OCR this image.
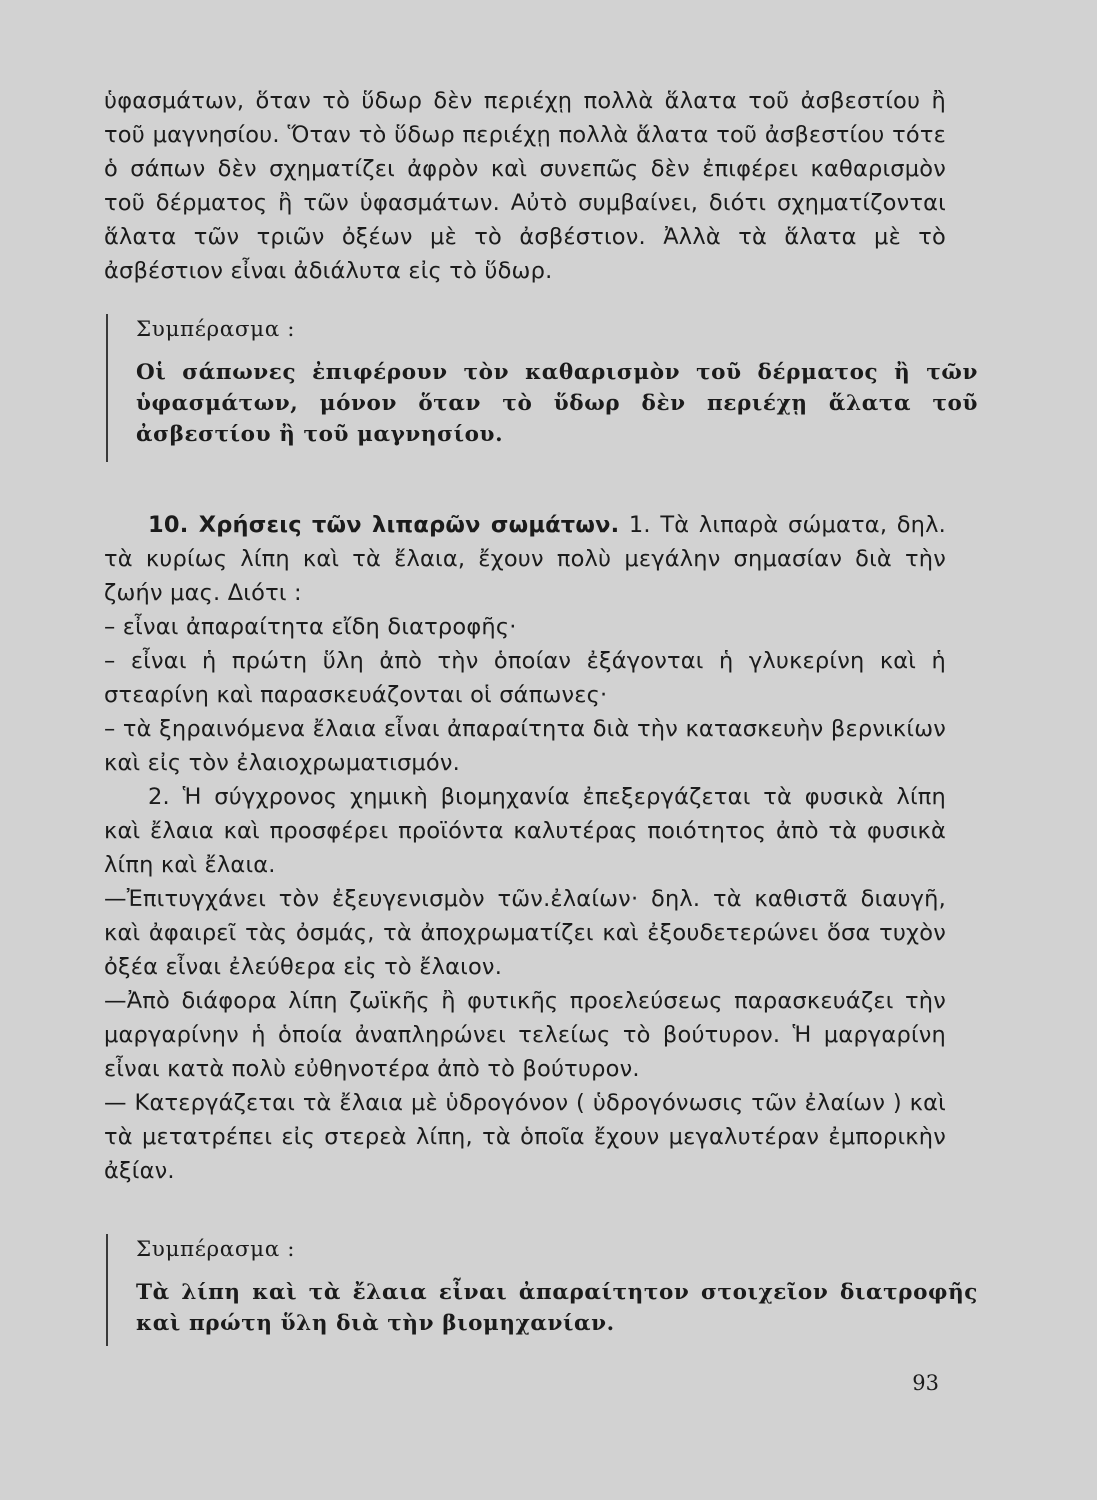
ὑφασμάτων, ὅταν τὸ ὕδωρ δὲν περιέχῃ πολλὰ ἅλατα τοῦ ἀσβεστίου ἢ τοῦ μαγνησίου. Ὅταν τὸ ὕδωρ περιέχῃ πολλὰ ἅλατα τοῦ ἀσβεστίου τότε ὁ σάπων δὲν σχηματίζει ἀφρὸν καὶ συνεπῶς δὲν ἐπιφέρει καθαρισμὸν τοῦ δέρματος ἢ τῶν ὑφασμάτων. Αὐτὸ συμβαίνει, διότι σχηματίζονται ἅλατα τῶν τριῶν ὀξέων μὲ τὸ ἀσβέστιον. Ἀλλὰ τὰ ἅλατα μὲ τὸ ἀσβέστιον εἶναι ἀδιάλυτα εἰς τὸ ὕδωρ.

Συμπέρασμα :

Οἱ σάπωνες ἐπιφέρουν τὸν καθαρισμὸν τοῦ δέρματος ἢ τῶν ὑφασμάτων, μόνον ὅταν τὸ ὕδωρ δὲν περιέχῃ ἅλατα τοῦ ἀσβεστίου ἢ τοῦ μαγνησίου.

10. Χρήσεις τῶν λιπαρῶν σωμάτων. 1. Τὰ λιπαρὰ σώματα, δηλ. τὰ κυρίως λίπη καὶ τὰ ἔλαια, ἔχουν πολὺ μεγάλην σημασίαν διὰ τὴν ζωήν μας. Διότι :

– εἶναι ἀπαραίτητα εἴδη διατροφῆς·

– εἶναι ἡ πρώτη ὕλη ἀπὸ τὴν ὁποίαν ἐξάγονται ἡ γλυκερίνη καὶ ἡ στεαρίνη καὶ παρασκευάζονται οἱ σάπωνες·

– τὰ ξηραινόμενα ἔλαια εἶναι ἀπαραίτητα διὰ τὴν κατασκευὴν βερνικίων καὶ εἰς τὸν ἐλαιοχρωματισμόν.

2. Ἡ σύγχρονος χημικὴ βιομηχανία ἐπεξεργάζεται τὰ φυσικὰ λίπη καὶ ἔλαια καὶ προσφέρει προϊόντα καλυτέρας ποιότητος ἀπὸ τὰ φυσικὰ λίπη καὶ ἔλαια.

—Ἐπιτυγχάνει τὸν ἐξευγενισμὸν τῶν.ἐλαίων· δηλ. τὰ καθιστᾶ διαυγῆ, καὶ ἀφαιρεῖ τὰς ὀσμάς, τὰ ἀποχρωματίζει καὶ ἐξουδετερώνει ὅσα τυχὸν ὀξέα εἶναι ἐλεύθερα εἰς τὸ ἔλαιον.

—Ἀπὸ διάφορα λίπη ζωϊκῆς ἢ φυτικῆς προελεύσεως παρασκευάζει τὴν μαργαρίνην ἡ ὁποία ἀναπληρώνει τελείως τὸ βούτυρον. Ἡ μαργαρίνη εἶναι κατὰ πολὺ εὐθηνοτέρα ἀπὸ τὸ βούτυρον.

— Κατεργάζεται τὰ ἔλαια μὲ ὑδρογόνον ( ὑδρογόνωσις τῶν ἐλαίων ) καὶ τὰ μετατρέπει εἰς στερεὰ λίπη, τὰ ὁποῖα ἔχουν μεγαλυτέραν ἐμπορικὴν ἀξίαν.

Συμπέρασμα :

Τὰ λίπη καὶ τὰ ἔλαια εἶναι ἀπαραίτητον στοιχεῖον διατροφῆς καὶ πρώτη ὕλη διὰ τὴν βιομηχανίαν.

93
